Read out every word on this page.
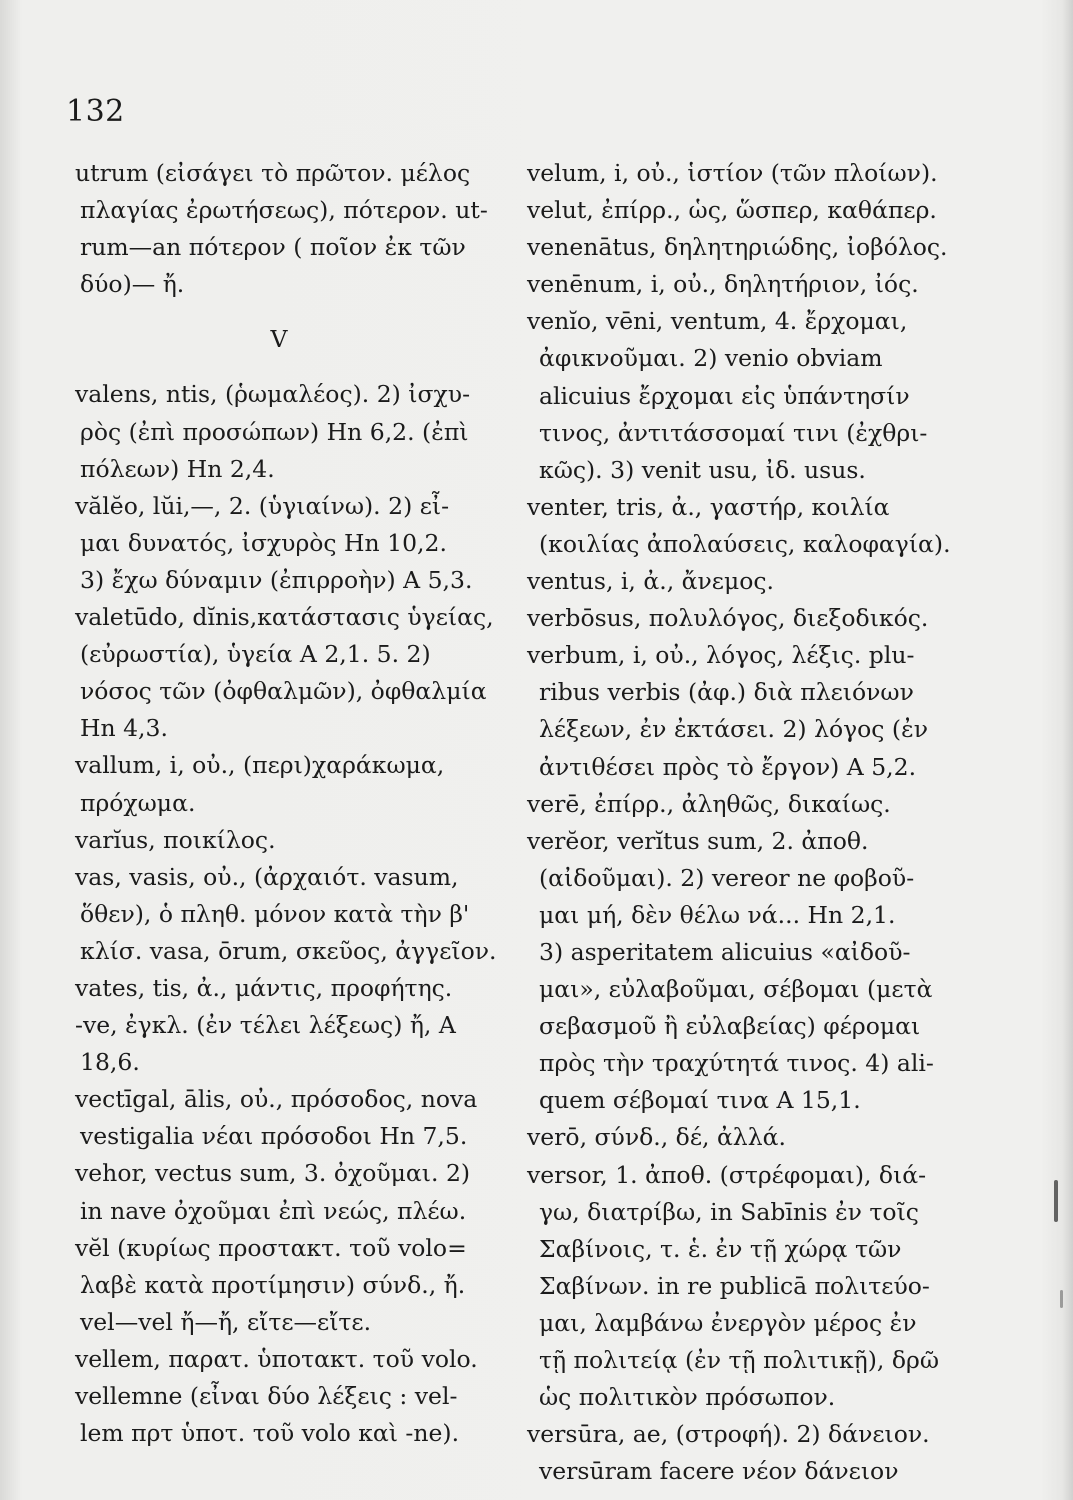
132
utrum (εἰσάγει τὸ πρῶτον. μέλος
πλαγίας ἐρωτήσεως), πότερον. ut-
rum—an πότερον ( ποῖον ἐκ τῶν
δύο)— ἤ.
V
valens, ntis, (ῥωμαλέος). 2) ἰσχυ-
ρὸς (ἐπὶ προσώπων) Hn 6,2. (ἐπὶ
πόλεων) Hn 2,4.
vălĕo, lŭi,—, 2. (ὑγιαίνω). 2) εἶ-
μαι δυνατός, ἰσχυρὸς Hn 10,2.
3) ἔχω δύναμιν (ἐπιρροὴν) A 5,3.
valetūdo, dĭnis,κατάστασις ὑγείας,
(εὐρωστία), ὑγεία A 2,1. 5. 2)
νόσος τῶν (ὀφθαλμῶν), ὀφθαλμία
Hn 4,3.
vallum, i, οὐ., (περι)χαράκωμα,
πρόχωμα.
varĭus, ποικίλος.
vas, vasis, οὐ., (ἀρχαιότ. vasum,
ὅθεν), ὁ πληθ. μόνον κατὰ τὴν β'
κλίσ. vasa, ōrum, σκεῦος, ἀγγεῖον.
vates, tis, ἀ., μάντις, προφήτης.
-ve, ἐγκλ. (ἐν τέλει λέξεως) ἤ, A
18,6.
vectīgal, ālis, οὐ., πρόσοδος, nova
vestigalia νέαι πρόσοδοι Hn 7,5.
vehor, vectus sum, 3. ὀχοῦμαι. 2)
in nave ὀχοῦμαι ἐπὶ νεώς, πλέω.
vĕl (κυρίως προστακτ. τοῦ volo=
λαβὲ κατὰ προτίμησιν) σύνδ., ἤ.
vel—vel ἤ—ἤ, εἴτε—εἴτε.
vellem, παρατ. ὑποτακτ. τοῦ volo.
vellemne (εἶναι δύο λέξεις : vel-
lem πρτ ὑποτ. τοῦ volo καὶ -ne).
velum, i, οὐ., ἱστίον (τῶν πλοίων).
velut, ἐπίρρ., ὡς, ὥσπερ, καθάπερ.
venenātus, δηλητηριώδης, ἰοβόλος.
venēnum, i, οὐ., δηλητήριον, ἰός.
venĭo, vēni, ventum, 4. ἔρχομαι,
ἀφικνοῦμαι. 2) venio obviam
alicuius ἔρχομαι εἰς ὑπάντησίν
τινος, ἀντιτάσσομαί τινι (ἐχθρι-
κῶς). 3) venit usu, ἰδ. usus.
venter, tris, ἀ., γαστήρ, κοιλία
(κοιλίας ἀπολαύσεις, καλοφαγία).
ventus, i, ἀ., ἄνεμος.
verbōsus, πολυλόγος, διεξοδικός.
verbum, i, οὐ., λόγος, λέξις. plu-
ribus verbis (ἀφ.) διὰ πλειόνων
λέξεων, ἐν ἐκτάσει. 2) λόγος (ἐν
ἀντιθέσει πρὸς τὸ ἔργον) A 5,2.
verē, ἐπίρρ., ἀληθῶς, δικαίως.
verĕor, verĭtus sum, 2. ἀποθ.
(αἰδοῦμαι). 2) vereor ne φοβοῦ-
μαι μή, δὲν θέλω νά... Hn 2,1.
3) asperitatem alicuius «αἰδοῦ-
μαι», εὐλαβοῦμαι, σέβομαι (μετὰ
σεβασμοῦ ἢ εὐλαβείας) φέρομαι
πρὸς τὴν τραχύτητά τινος. 4) ali-
quem σέβομαί τινα A 15,1.
verō, σύνδ., δέ, ἀλλά.
versor, 1. ἀποθ. (στρέφομαι), διά-
γω, διατρίβω, in Sabīnis ἐν τοῖς
Σαβίνοις, τ. ἑ. ἐν τῇ χώρᾳ τῶν
Σαβίνων. in re publicā πολιτεύο-
μαι, λαμβάνω ἐνεργὸν μέρος ἐν
τῇ πολιτείᾳ (ἐν τῇ πολιτικῇ), δρῶ
ὡς πολιτικὸν πρόσωπον.
versūra, ae, (στροφή). 2) δάνειον.
versūram facere νέον δάνειον
